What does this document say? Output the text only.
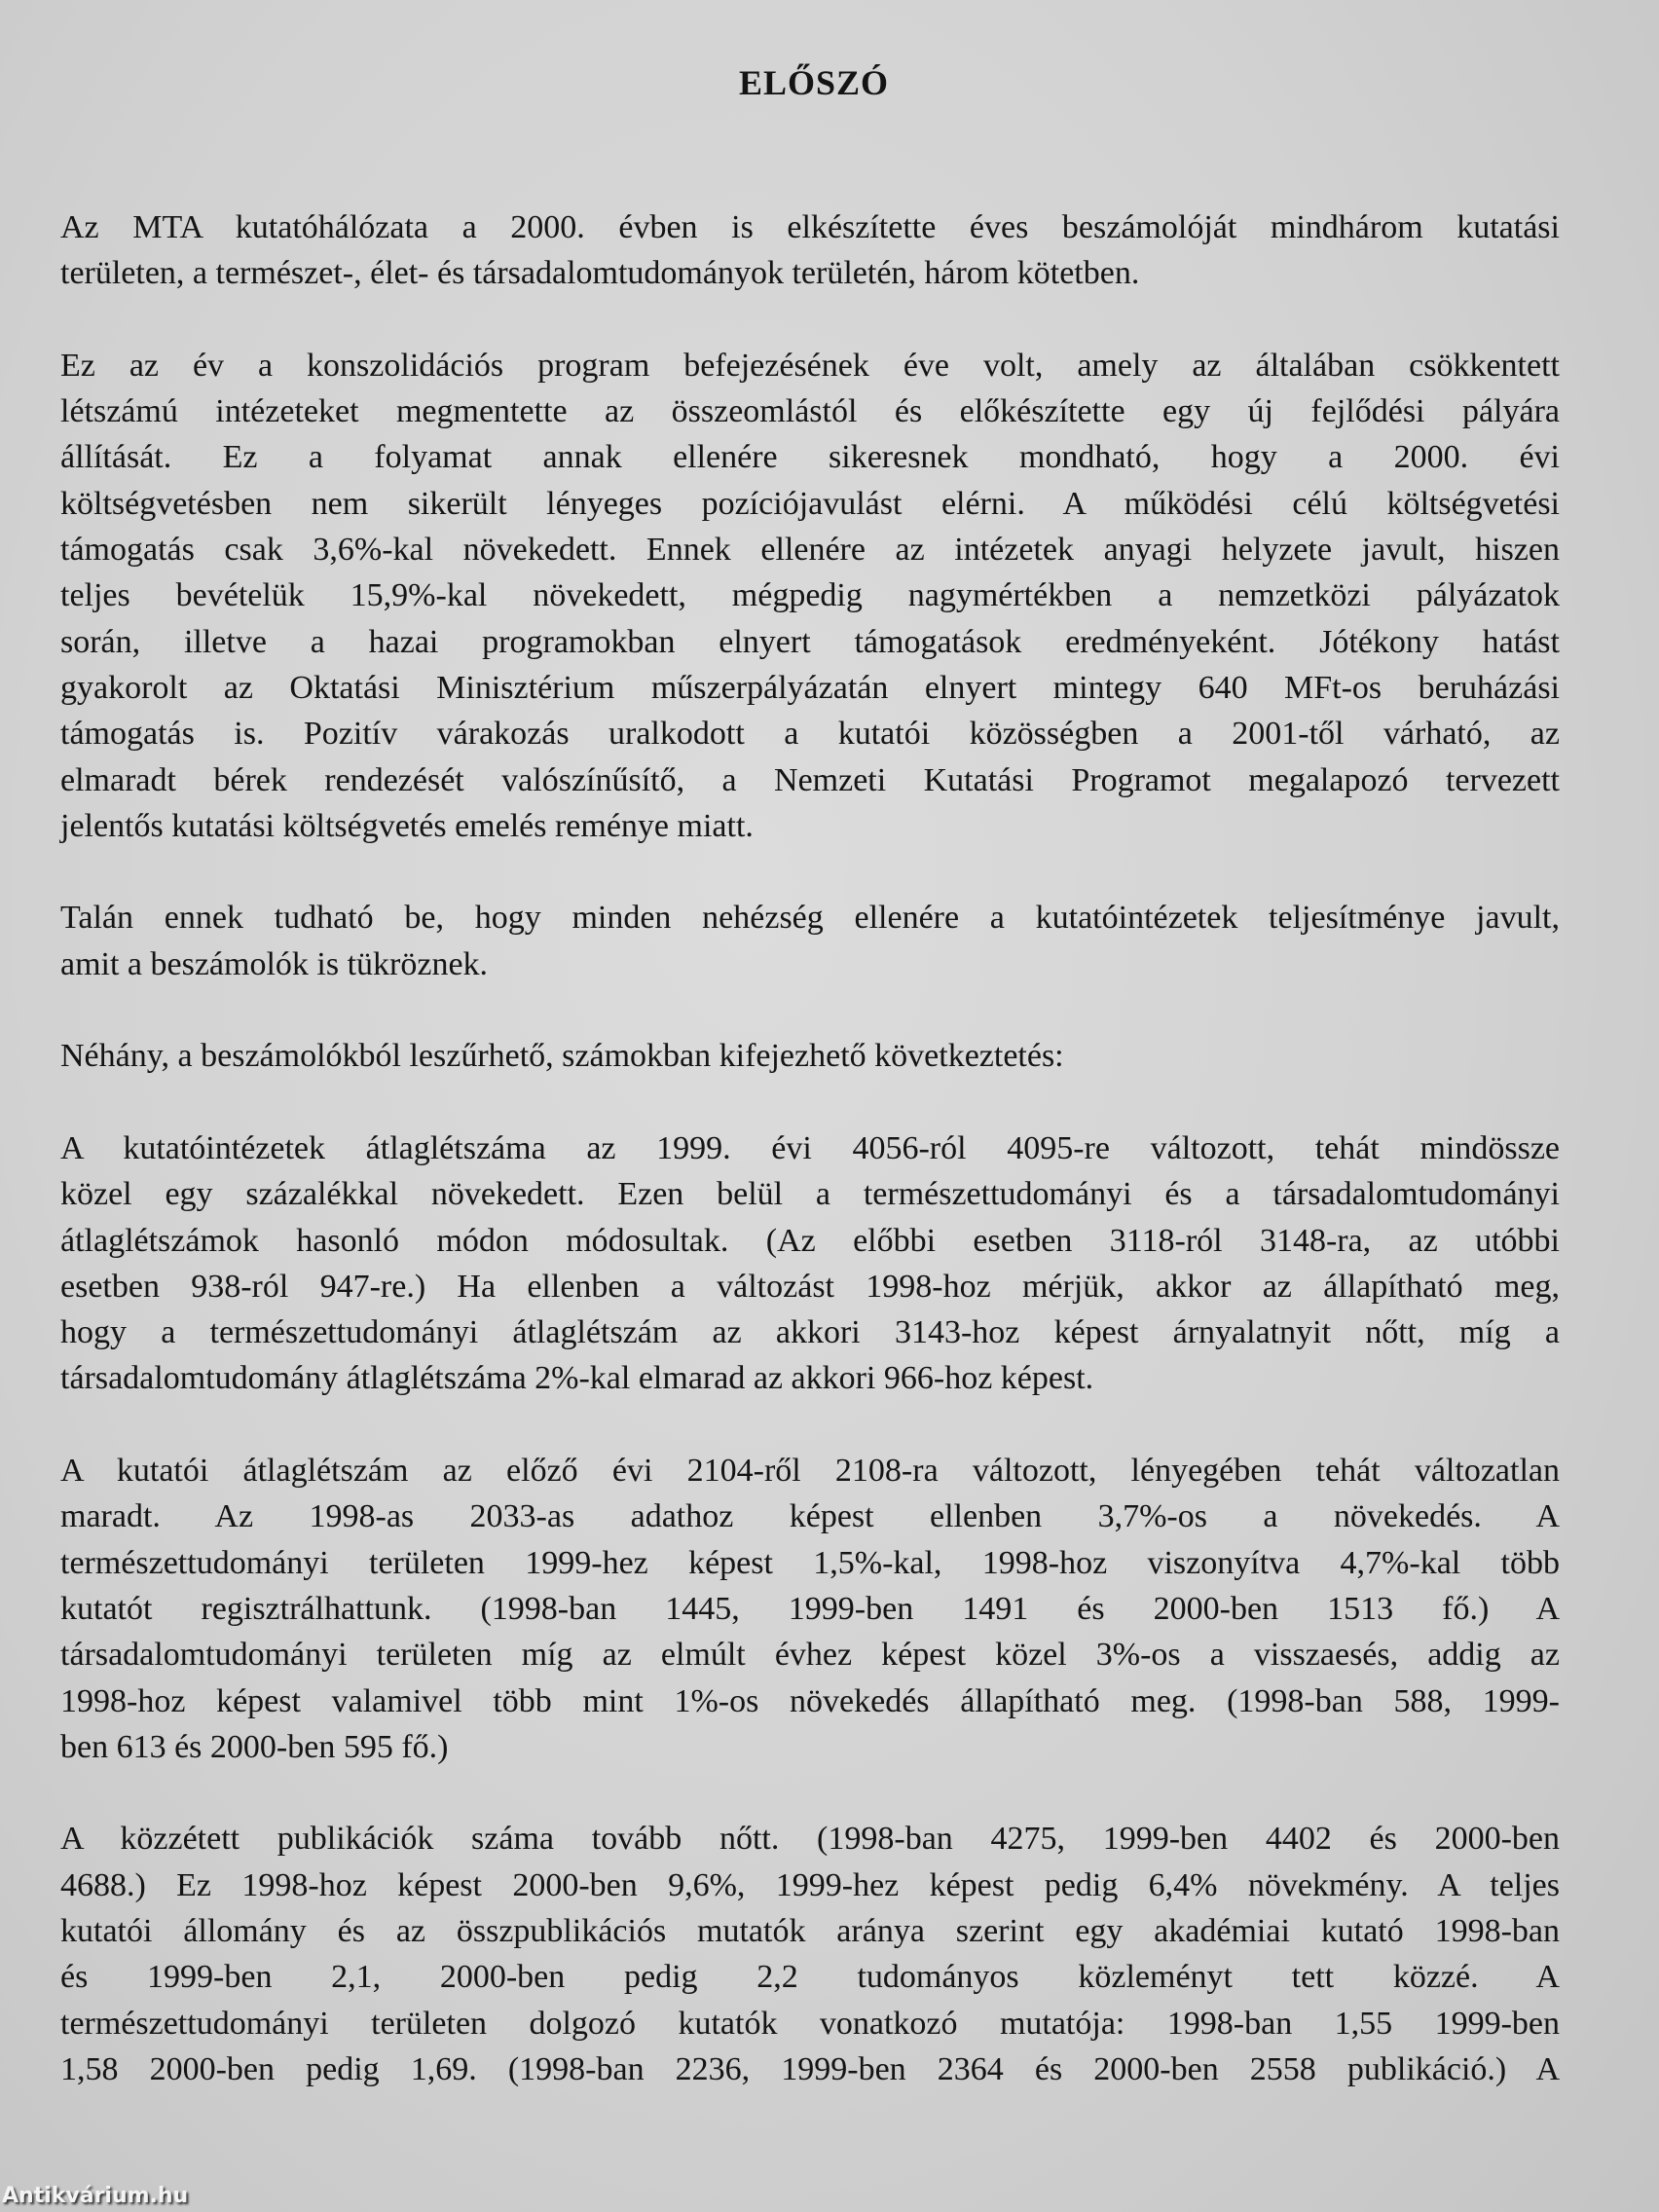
ELŐSZÓ
Az MTA kutatóhálózata a 2000. évben is elkészítette éves beszámolóját mindhárom kutatási
területen, a természet-, élet- és társadalomtudományok területén, három kötetben.
Ez az év a konszolidációs program befejezésének éve volt, amely az általában csökkentett
létszámú intézeteket megmentette az összeomlástól és előkészítette egy új fejlődési pályára
állítását. Ez a folyamat annak ellenére sikeresnek mondható, hogy a 2000. évi
költségvetésben nem sikerült lényeges pozíciójavulást elérni. A működési célú költségvetési
támogatás csak 3,6%-kal növekedett. Ennek ellenére az intézetek anyagi helyzete javult, hiszen
teljes bevételük 15,9%-kal növekedett, mégpedig nagymértékben a nemzetközi pályázatok
során, illetve a hazai programokban elnyert támogatások eredményeként. Jótékony hatást
gyakorolt az Oktatási Minisztérium műszerpályázatán elnyert mintegy 640 MFt-os beruházási
támogatás is. Pozitív várakozás uralkodott a kutatói közösségben a 2001-től várható, az
elmaradt bérek rendezését valószínűsítő, a Nemzeti Kutatási Programot megalapozó tervezett
jelentős kutatási költségvetés emelés reménye miatt.
Talán ennek tudható be, hogy minden nehézség ellenére a kutatóintézetek teljesítménye javult,
amit a beszámolók is tükröznek.
Néhány, a beszámolókból leszűrhető, számokban kifejezhető következtetés:
A kutatóintézetek átlaglétszáma az 1999. évi 4056-ról 4095-re változott, tehát mindössze
közel egy százalékkal növekedett. Ezen belül a természettudományi és a társadalomtudományi
átlaglétszámok hasonló módon módosultak. (Az előbbi esetben 3118-ról 3148-ra, az utóbbi
esetben 938-ról 947-re.) Ha ellenben a változást 1998-hoz mérjük, akkor az állapítható meg,
hogy a természettudományi átlaglétszám az akkori 3143-hoz képest árnyalatnyit nőtt, míg a
társadalomtudomány átlaglétszáma 2%-kal elmarad az akkori 966-hoz képest.
A kutatói átlaglétszám az előző évi 2104-ről 2108-ra változott, lényegében tehát változatlan
maradt. Az 1998-as 2033-as adathoz képest ellenben 3,7%-os a növekedés. A
természettudományi területen 1999-hez képest 1,5%-kal, 1998-hoz viszonyítva 4,7%-kal több
kutatót regisztrálhattunk. (1998-ban 1445, 1999-ben 1491 és 2000-ben 1513 fő.) A
társadalomtudományi területen míg az elmúlt évhez képest közel 3%-os a visszaesés, addig az
1998-hoz képest valamivel több mint 1%-os növekedés állapítható meg. (1998-ban 588, 1999-
ben 613 és 2000-ben 595 fő.)
A közzétett publikációk száma tovább nőtt. (1998-ban 4275, 1999-ben 4402 és 2000-ben
4688.) Ez 1998-hoz képest 2000-ben 9,6%, 1999-hez képest pedig 6,4% növekmény. A teljes
kutatói állomány és az összpublikációs mutatók aránya szerint egy akadémiai kutató 1998-ban
és 1999-ben 2,1, 2000-ben pedig 2,2 tudományos közleményt tett közzé. A
természettudományi területen dolgozó kutatók vonatkozó mutatója: 1998-ban 1,55 1999-ben
1,58 2000-ben pedig 1,69. (1998-ban 2236, 1999-ben 2364 és 2000-ben 2558 publikáció.) A
Antikvárium.hu
